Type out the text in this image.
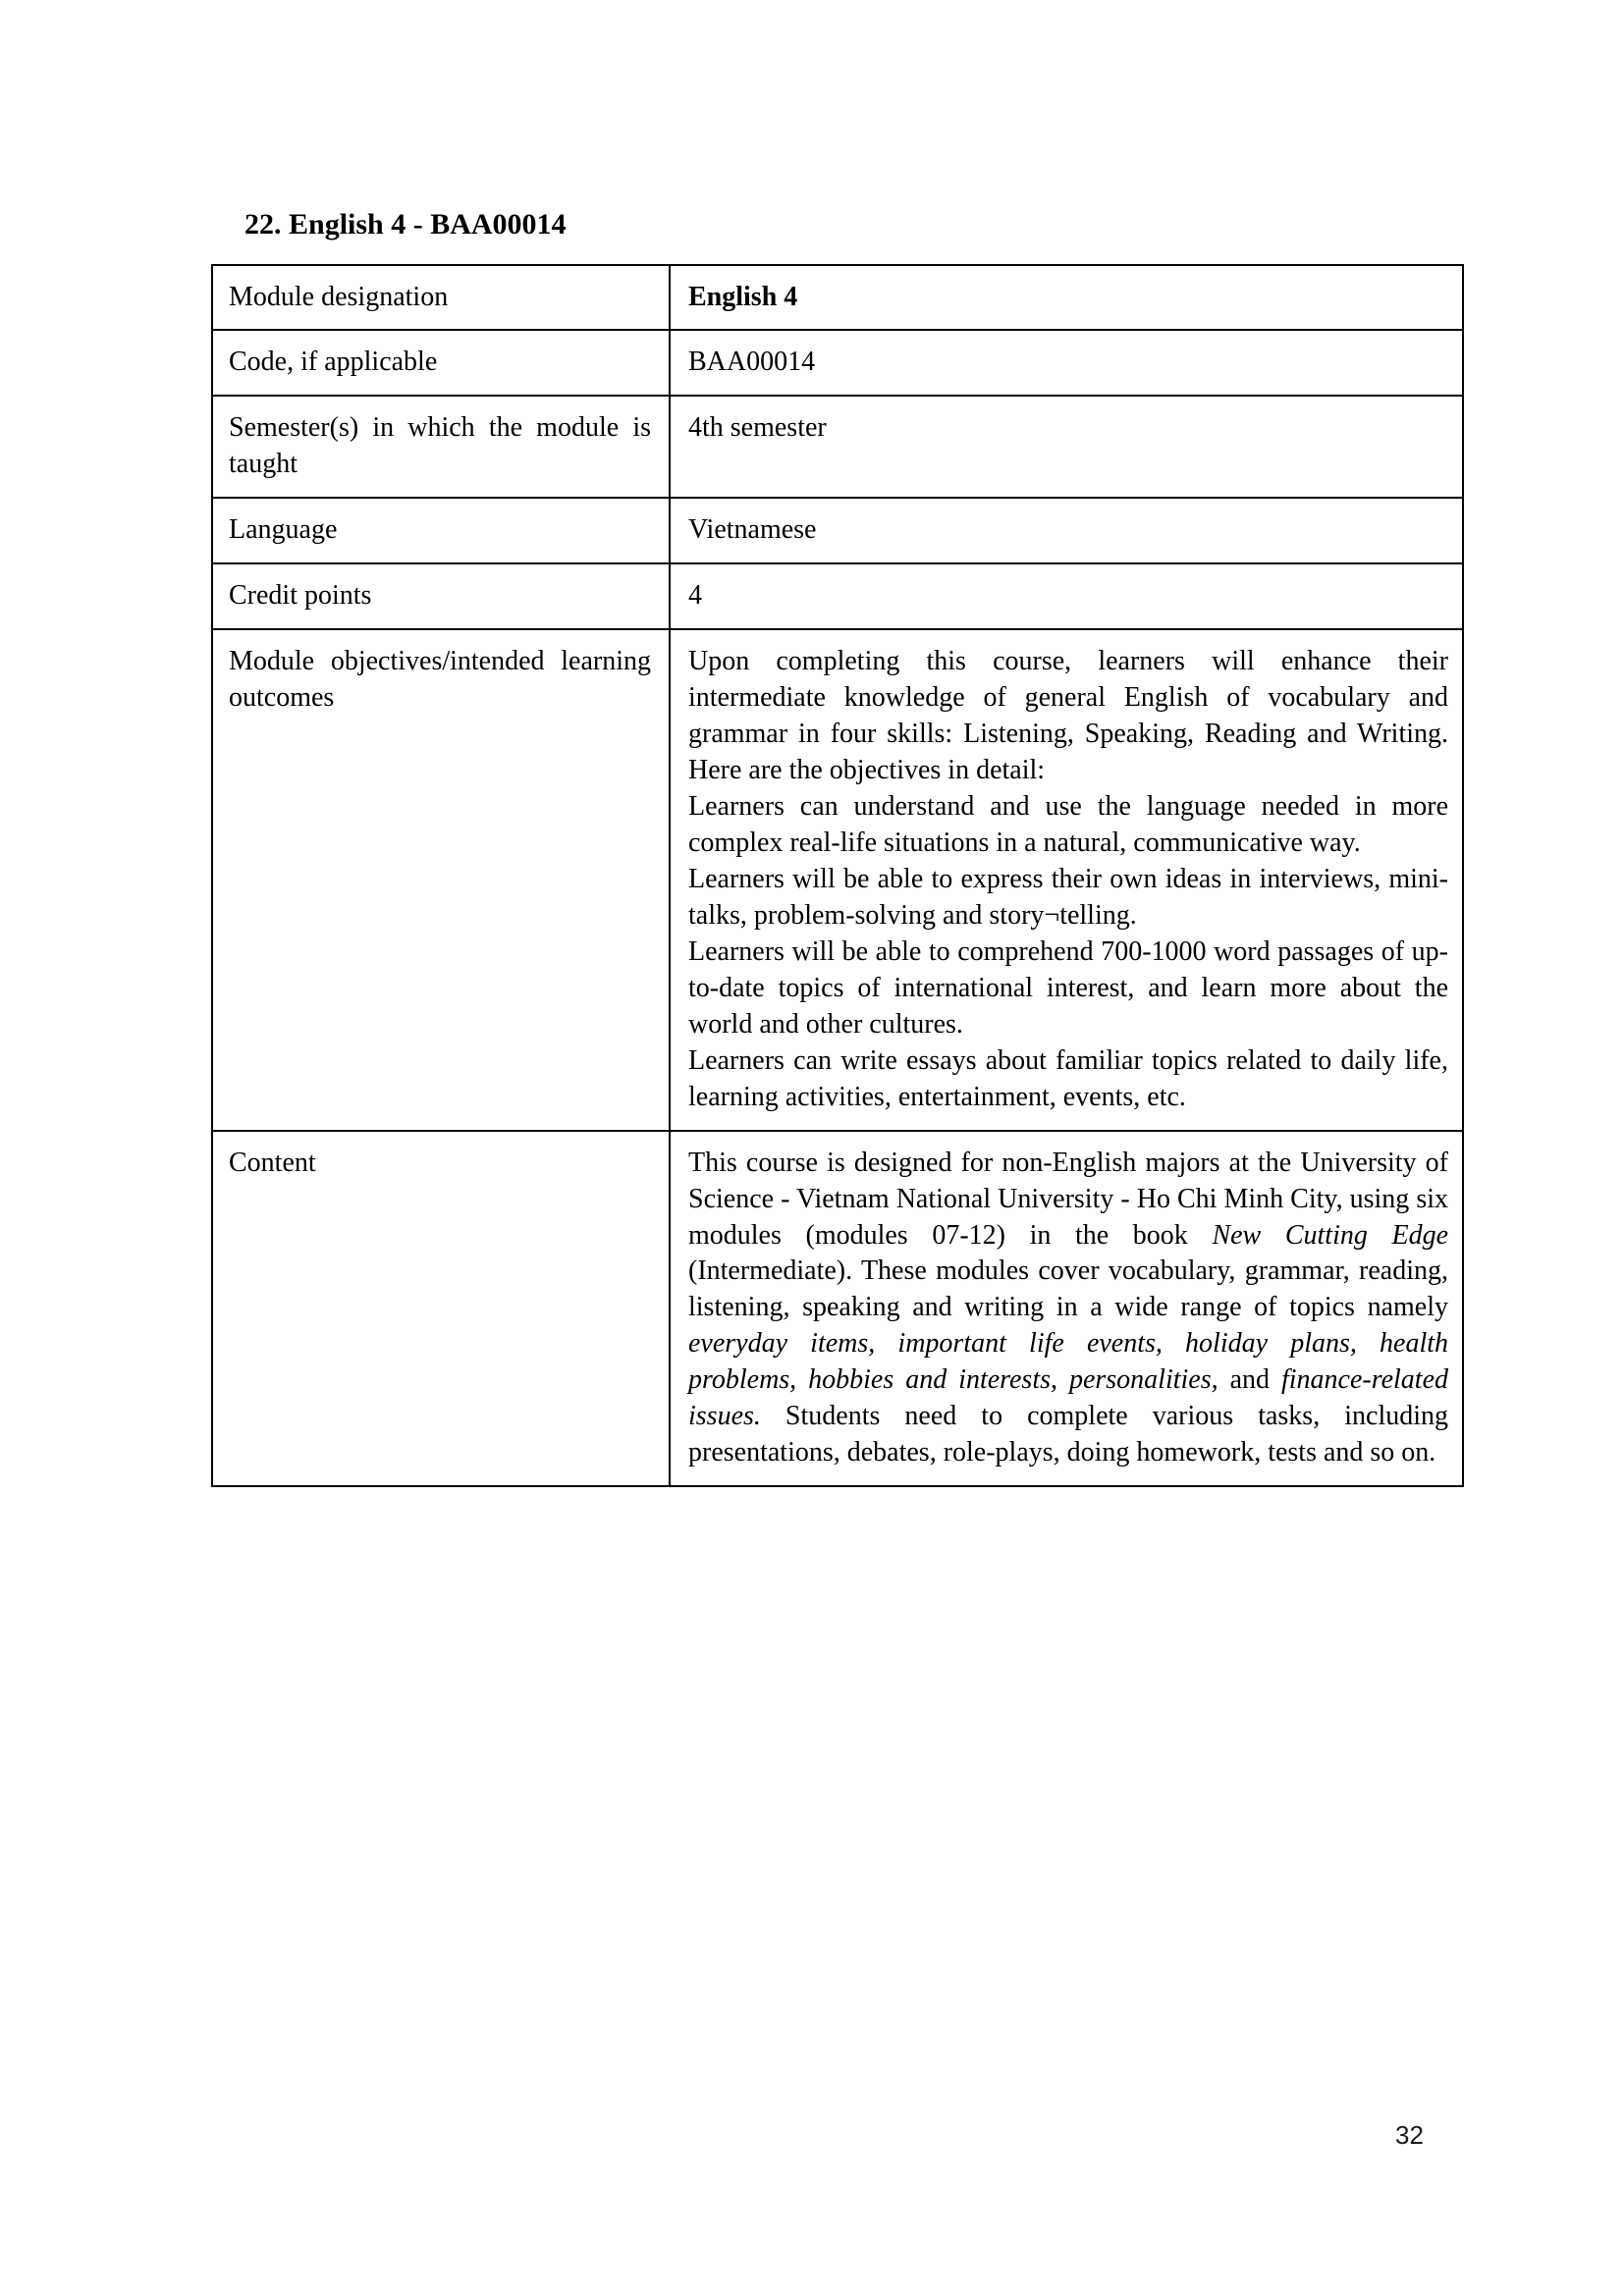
22. English 4 - BAA00014
Module designation	English 4
Code, if applicable	BAA00014
Semester(s) in which the module is taught	4th semester
Language	Vietnamese
Credit points	4
Module objectives/intended learning outcomes	Upon completing this course, learners will enhance their intermediate knowledge of general English of vocabulary and grammar in four skills: Listening, Speaking, Reading and Writing. Here are the objectives in detail:
Learners can understand and use the language needed in more complex real-life situations in a natural, communicative way.
Learners will be able to express their own ideas in interviews, mini-talks, problem-solving and story¬telling.
Learners will be able to comprehend 700-1000 word passages of up-to-date topics of international interest, and learn more about the world and other cultures.
Learners can write essays about familiar topics related to daily life, learning activities, entertainment, events, etc.

Content	This course is designed for non-English majors at the University of Science - Vietnam National University - Ho Chi Minh City, using six modules (modules 07-12) in the book New Cutting Edge (Intermediate). These modules cover vocabulary, grammar, reading, listening, speaking and writing in a wide range of topics namely everyday items, important life events, holiday plans, health problems, hobbies and interests, personalities, and finance-related issues. Students need to complete various tasks, including presentations, debates, role-plays, doing homework, tests and so on.
32
